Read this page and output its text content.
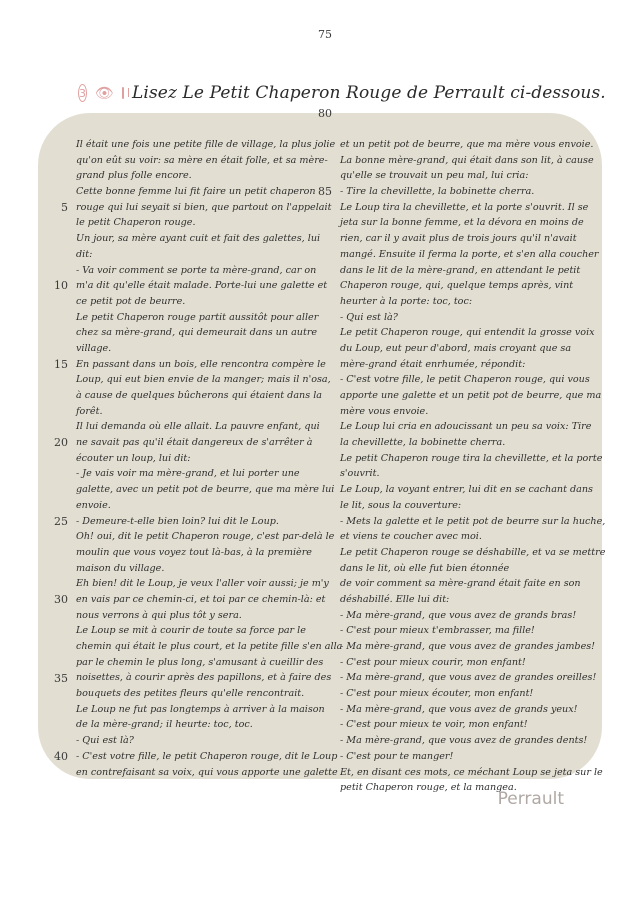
3 👁 Lisez Le Petit Chaperon Rouge de Perrault ci-dessous.
Il était une fois une petite fille de village, la plus jolie
qu'on eût su voir: sa mère en était folle, et sa mère-
grand plus folle encore.
Cette bonne femme lui fit faire un petit chaperon
rouge qui lui seyait si bien, que partout on l'appelait
le petit Chaperon rouge.
Un jour, sa mère ayant cuit et fait des galettes, lui
dit:
- Va voir comment se porte ta mère-grand, car on
m'a dit qu'elle était malade. Porte-lui une galette et
ce petit pot de beurre.
Le petit Chaperon rouge partit aussitôt pour aller
chez sa mère-grand, qui demeurait dans un autre
village.
En passant dans un bois, elle rencontra compère le
Loup, qui eut bien envie de la manger; mais il n'osa,
à cause de quelques bûcherons qui étaient dans la
forêt.
Il lui demanda où elle allait. La pauvre enfant, qui
ne savait pas qu'il était dangereux de s'arrêter à
écouter un loup, lui dit:
- Je vais voir ma mère-grand, et lui porter une
galette, avec un petit pot de beurre, que ma mère lui
envoie.
- Demeure-t-elle bien loin? lui dit le Loup.
Oh! oui, dit le petit Chaperon rouge, c'est par-delà le
moulin que vous voyez tout là-bas, à la première
maison du village.
Eh bien! dit le Loup, je veux l'aller voir aussi; je m'y
en vais par ce chemin-ci, et toi par ce chemin-là: et
nous verrons à qui plus tôt y sera.
Le Loup se mit à courir de toute sa force par le
chemin qui était le plus court, et la petite fille s'en alla
par le chemin le plus long, s'amusant à cueillir des
noisettes, à courir après des papillons, et à faire des
bouquets des petites fleurs qu'elle rencontrait.
Le Loup ne fut pas longtemps à arriver à la maison
de la mère-grand; il heurte: toc, toc.
- Qui est là?
- C'est votre fille, le petit Chaperon rouge, dit le Loup
en contrefaisant sa voix, qui vous apporte une galette
et un petit pot de beurre, que ma mère vous envoie.
La bonne mère-grand, qui était dans son lit, à cause
qu'elle se trouvait un peu mal, lui cria:
- Tire la chevillette, la bobinette cherra.
Le Loup tira la chevillette, et la porte s'ouvrit. Il se
jeta sur la bonne femme, et la dévora en moins de
rien, car il y avait plus de trois jours qu'il n'avait
mangé. Ensuite il ferma la porte, et s'en alla coucher
dans le lit de la mère-grand, en attendant le petit
Chaperon rouge, qui, quelque temps après, vint
heurter à la porte: toc, toc:
- Qui est là?
Le petit Chaperon rouge, qui entendit la grosse voix
du Loup, eut peur d'abord, mais croyant que sa
mère-grand était enrhumée, répondit:
- C'est votre fille, le petit Chaperon rouge, qui vous
apporte une galette et un petit pot de beurre, que ma
mère vous envoie.
Le Loup lui cria en adoucissant un peu sa voix: Tire
la chevillette, la bobinette cherra.
Le petit Chaperon rouge tira la chevillette, et la porte
s'ouvrit.
Le Loup, la voyant entrer, lui dit en se cachant dans
le lit, sous la couverture:
- Mets la galette et le petit pot de beurre sur la huche,
et viens te coucher avec moi.
Le petit Chaperon rouge se déshabille, et va se mettre
dans le lit, où elle fut bien étonnée
de voir comment sa mère-grand était faite en son
déshabillé. Elle lui dit:
- Ma mère-grand, que vous avez de grands bras!
- C'est pour mieux t'embrasser, ma fille!
- Ma mère-grand, que vous avez de grandes jambes!
- C'est pour mieux courir, mon enfant!
- Ma mère-grand, que vous avez de grandes oreilles!
- C'est pour mieux écouter, mon enfant!
- Ma mère-grand, que vous avez de grands yeux!
- C'est pour mieux te voir, mon enfant!
- Ma mère-grand, que vous avez de grandes dents!
- C'est pour te manger!
Et, en disant ces mots, ce méchant Loup se jeta sur le
petit Chaperon rouge, et la mangea.
5
10
15
20
25
30
35
40
75
80
85
Perrault
